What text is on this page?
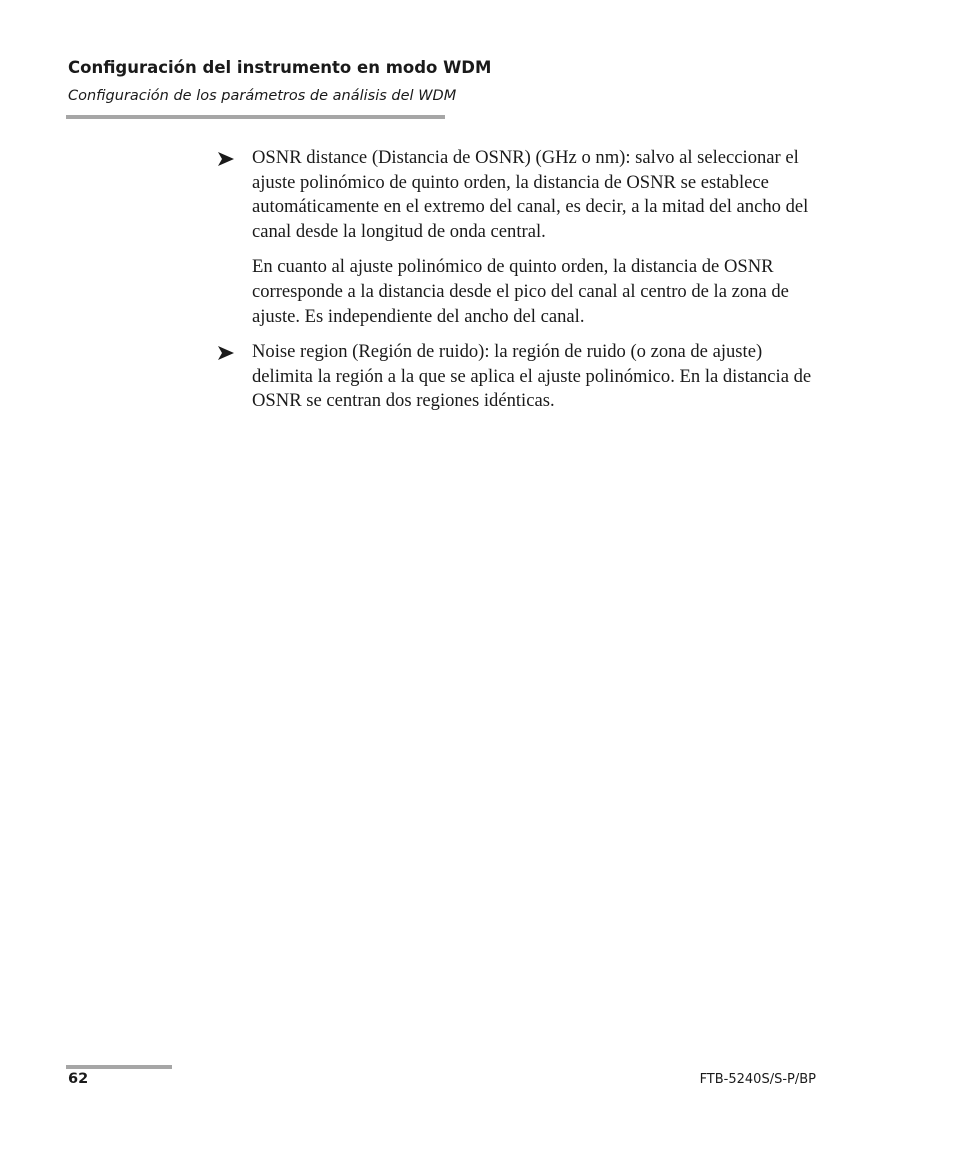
Configuración del instrumento en modo WDM
Configuración de los parámetros de análisis del WDM

OSNR distance (Distancia de OSNR) (GHz o nm): salvo al seleccionar el ajuste polinómico de quinto orden, la distancia de OSNR se establece automáticamente en el extremo del canal, es decir, a la mitad del ancho del canal desde la longitud de onda central.

En cuanto al ajuste polinómico de quinto orden, la distancia de OSNR corresponde a la distancia desde el pico del canal al centro de la zona de ajuste. Es independiente del ancho del canal.

Noise region (Región de ruido): la región de ruido (o zona de ajuste) delimita la región a la que se aplica el ajuste polinómico. En la distancia de OSNR se centran dos regiones idénticas.

62	FTB-5240S/S-P/BP
